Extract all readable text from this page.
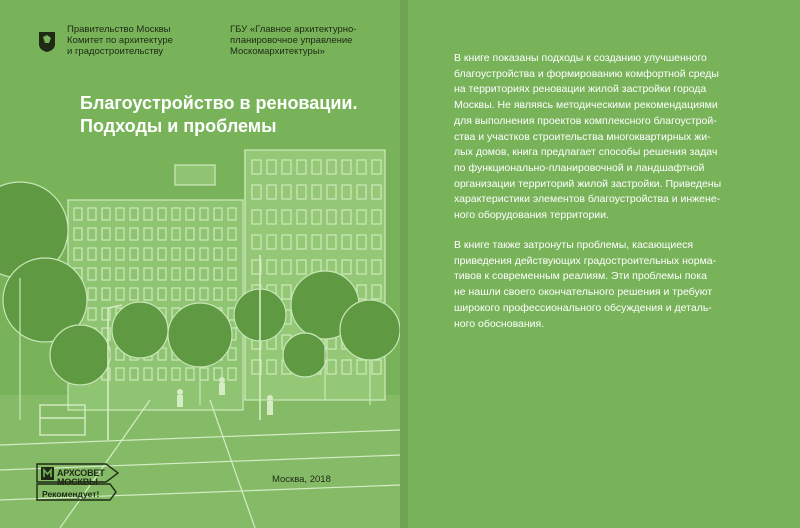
Правительство Москвы
Комитет по архитектуре
и градостроительству
ГБУ «Главное архитектурно-
планировочное управление
Москомархитектуры»
Благоустройство в реновации.
Подходы и проблемы
АРХСОВЕТ
МОСКВЫ
Рекомендует!
Москва, 2018
В книге показаны подходы к созданию улучшенного
благоустройства и формированию комфортной среды
на территориях реновации жилой застройки города
Москвы. Не являясь методическими рекомендациями
для выполнения проектов комплексного благоустрой-
ства и участков строительства многоквартирных жи-
лых домов, книга предлагает способы решения задач
по функционально-планировочной и ландшафтной
организации территорий жилой застройки. Приведены
характеристики элементов благоустройства и инжене-
ного оборудования территории.
В книге также затронуты проблемы, касающиеся
приведения действующих градостроительных норма-
тивов к современным реалиям. Эти проблемы пока
не нашли своего окончательного решения и требуют
широкого профессионального обсуждения и деталь-
ного обоснования.
